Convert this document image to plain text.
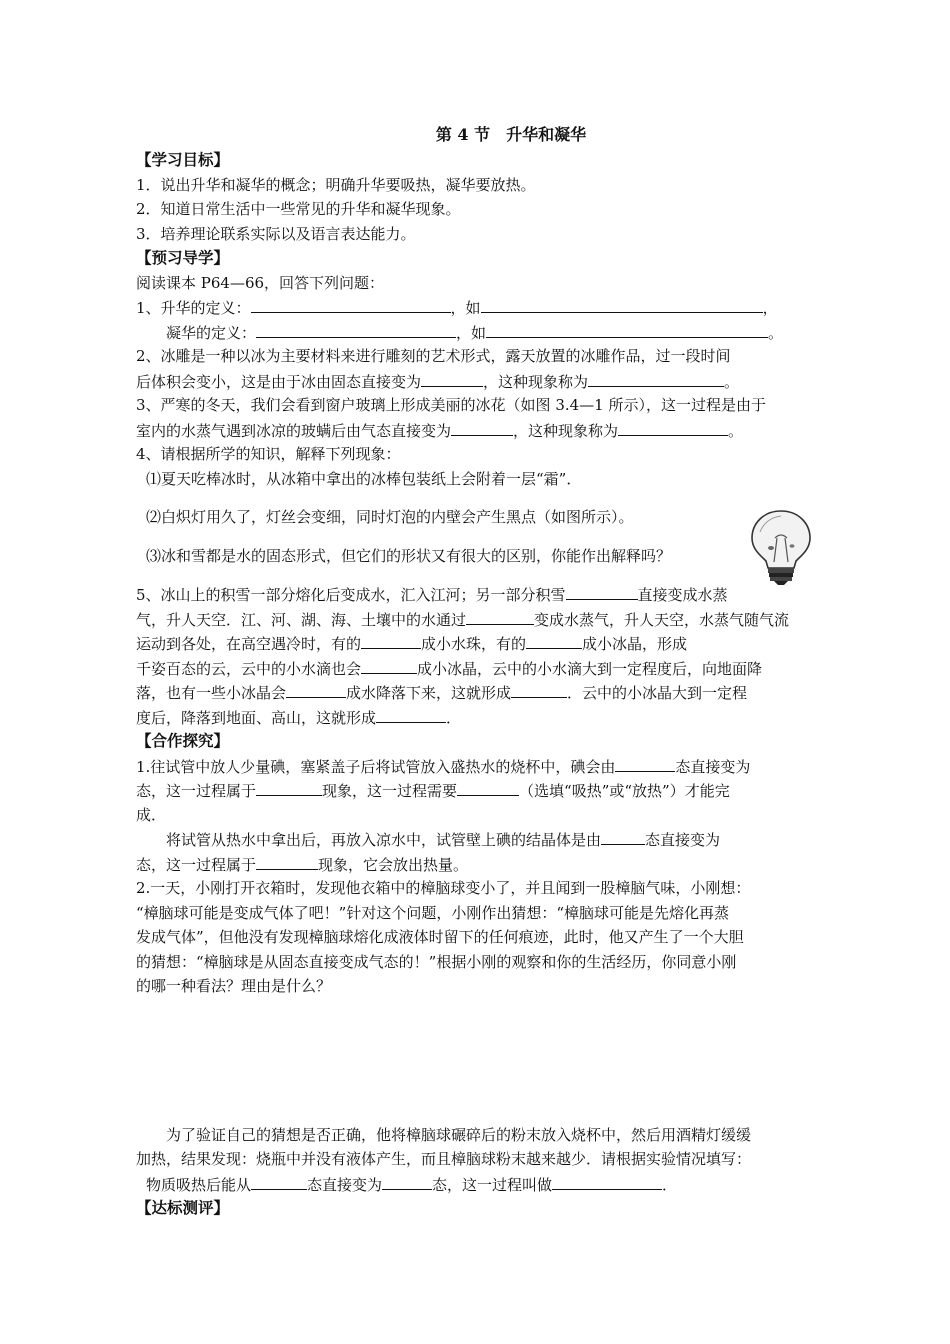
第 4 节　升华和凝华
【学习目标】
1．说出升华和凝华的概念；明确升华要吸热，凝华要放热。
2．知道日常生活中一些常见的升华和凝华现象。
3．培养理论联系实际以及语言表达能力。
【预习导学】
阅读课本 P64—66，回答下列问题：
1、升华的定义：	，如	，
凝华的定义：	，如	。
2、冰雕是一种以冰为主要材料来进行雕刻的艺术形式，露天放置的冰雕作品，过一段时间
后体积会变小，这是由于冰由固态直接变为	，这种现象称为	。
3、严寒的冬天，我们会看到窗户玻璃上形成美丽的冰花（如图 3.4—1 所示），这一过程是由于
室内的水蒸气遇到冰凉的玻螨后由气态直接变为	，这种现象称为	。
4、请根据所学的知识，解释下列现象：
⑴夏天吃棒冰时，从冰箱中拿出的冰棒包装纸上会附着一层“霜”．
⑵白炽灯用久了，灯丝会变细，同时灯泡的内壁会产生黑点（如图所示）。
⑶冰和雪都是水的固态形式，但它们的形状又有很大的区别，你能作出解释吗？
5、冰山上的积雪一部分熔化后变成水，汇入江河；另一部分积雪	直接变成水蒸
气，升人天空．江、河、湖、海、土壤中的水通过	变成水蒸气，升人天空，水蒸气随气流
运动到各处，在高空遇冷时，有的	成小水珠，有的	成小冰晶，形成
千姿百态的云，云中的小水滴也会	成小冰晶，云中的小水滴大到一定程度后，向地面降
落，也有一些小冰晶会	成水降落下来，这就形成	．云中的小冰晶大到一定程
度后，降落到地面、高山，这就形成	．
【合作探究】
1.往试管中放人少量碘，塞紧盖子后将试管放入盛热水的烧杯中，碘会由	态直接变为
态，这一过程属于	现象，这一过程需要	（选填“吸热”或“放热”）才能完
成．
将试管从热水中拿出后，再放入凉水中，试管壁上碘的结晶体是由	态直接变为
态，这一过程属于	现象，它会放出热量。
2.一天，小刚打开衣箱时，发现他衣箱中的樟脑球变小了，并且闻到一股樟脑气味，小刚想：
“樟脑球可能是变成气体了吧！”针对这个问题，小刚作出猜想：“樟脑球可能是先熔化再蒸
发成气体”，但他没有发现樟脑球熔化成液体时留下的任何痕迹，此时，他又产生了一个大胆
的猜想：“樟脑球是从固态直接变成气态的！”根据小刚的观察和你的生活经历，你同意小刚
的哪一种看法？理由是什么？
为了验证自己的猜想是否正确，他将樟脑球碾碎后的粉末放入烧杯中，然后用酒精灯缓缓
加热，结果发现：烧瓶中并没有液体产生，而且樟脑球粉末越来越少．请根据实验情况填写：
物质吸热后能从	态直接变为	态，这一过程叫做	．
【达标测评】
